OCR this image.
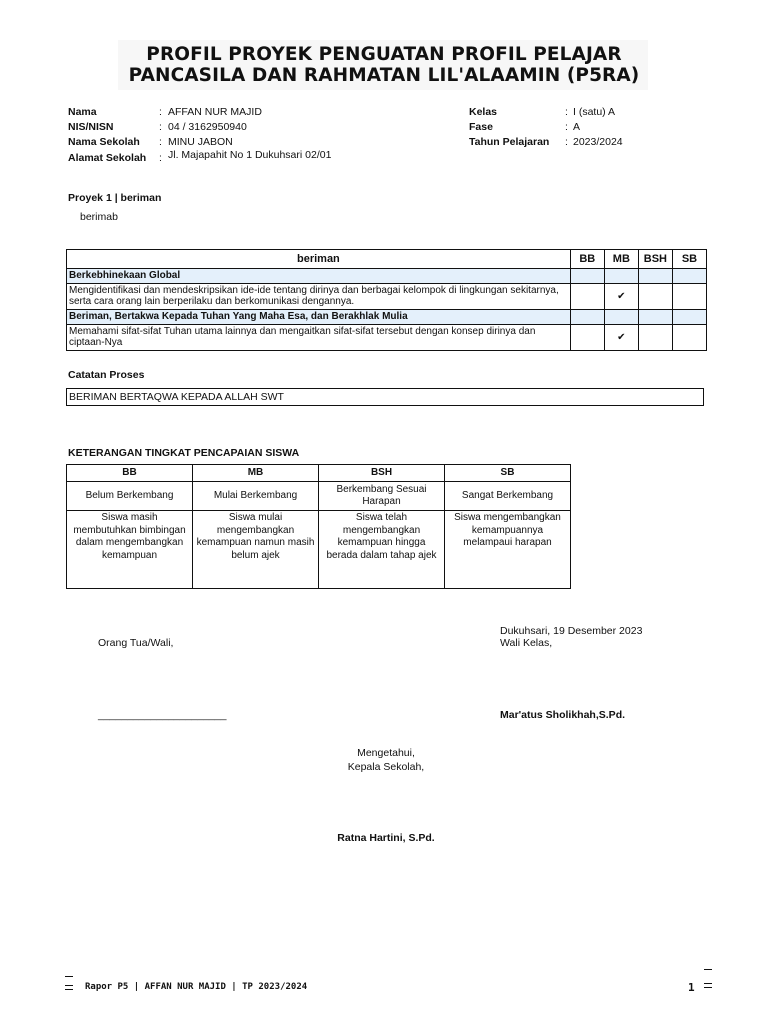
PROFIL PROYEK PENGUATAN PROFIL PELAJAR
PANCASILA DAN RAHMATAN LIL'ALAAMIN (P5RA)
Nama	: AFFAN NUR MAJID
NIS/NISN	: 04 / 3162950940
Nama Sekolah : MINU JABON
Alamat Sekolah : Jl. Majapahit No 1 Dukuhsari 02/01
Kelas	: I (satu) A
Fase	: A
Tahun Pelajaran : 2023/2024
Proyek 1 | beriman
berimab
beriman	BB	MB	BSH	SB
Berkebhinekaan Global				
Mengidentifikasi dan mendeskripsikan ide-ide tentang dirinya dan berbagai kelompok di lingkungan sekitarnya, serta cara orang lain berperilaku dan berkomunikasi dengannya.		✔		
Beriman, Bertakwa Kepada Tuhan Yang Maha Esa, dan Berakhlak Mulia				
Memahami sifat-sifat Tuhan utama lainnya dan mengaitkan sifat-sifat tersebut dengan konsep dirinya dan ciptaan-Nya		✔		
Catatan Proses
BERIMAN BERTAQWA KEPADA ALLAH SWT
KETERANGAN TINGKAT PENCAPAIAN SISWA
BB	MB	BSH	SB
Belum Berkembang	Mulai Berkembang	Berkembang Sesuai Harapan	Sangat Berkembang
Siswa masih membutuhkan bimbingan dalam mengembangkan kemampuan	Siswa mulai mengembangkan kemampuan namun masih belum ajek	Siswa telah mengembangkan kemampuan hingga berada dalam tahap ajek	Siswa mengembangkan kemampuannya melampaui harapan
Dukuhsari, 19 Desember 2023
Wali Kelas,
Orang Tua/Wali,
______________________	Mar'atus Sholikhah,S.Pd.
Mengetahui,
Kepala Sekolah,
Ratna Hartini, S.Pd.
Rapor P5 | AFFAN NUR MAJID | TP 2023/2024	1
